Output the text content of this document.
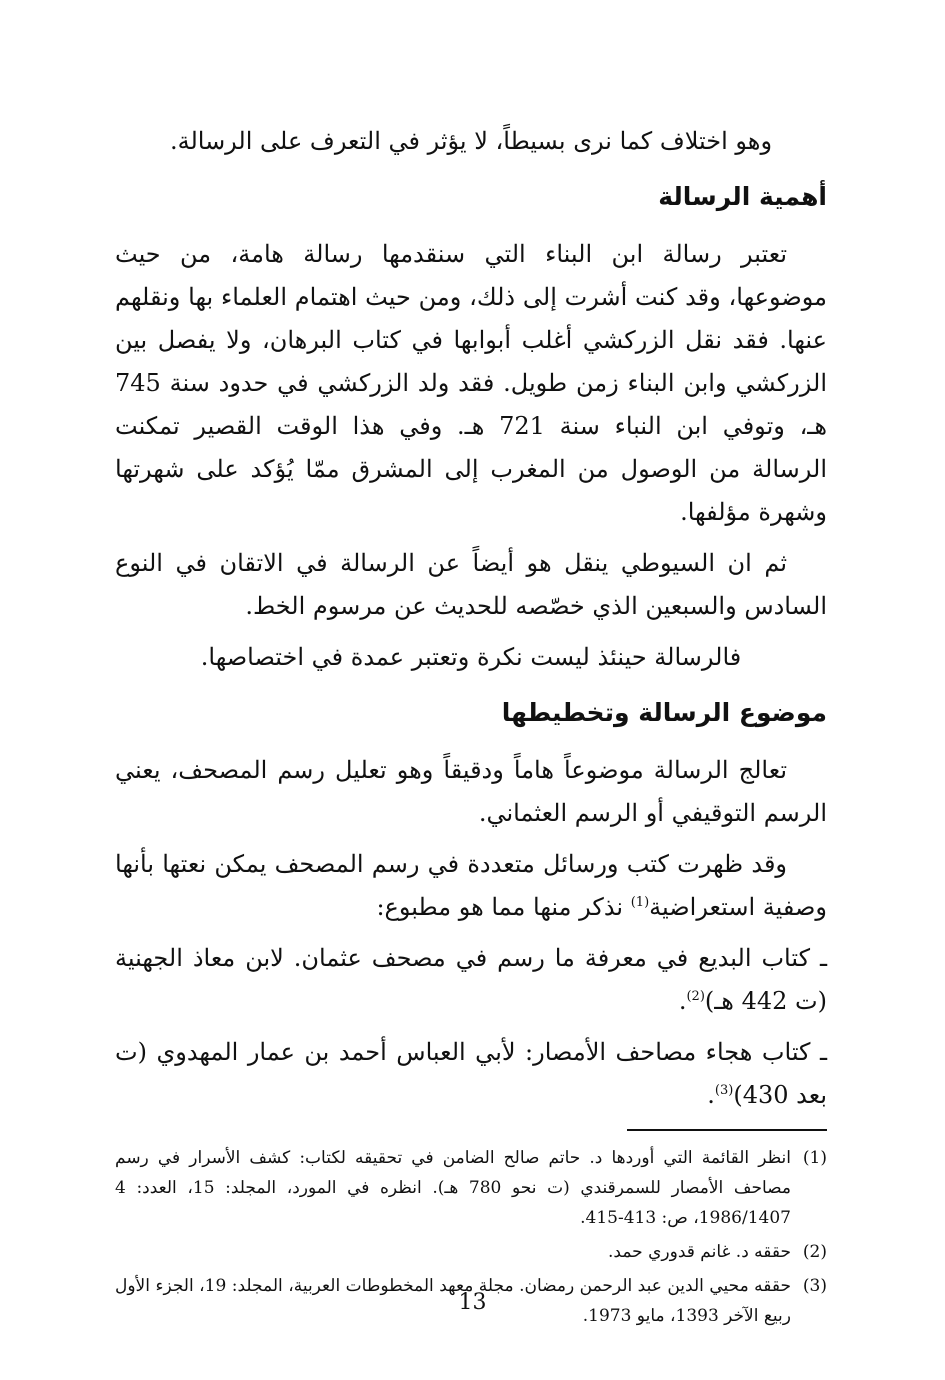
وهو اختلاف كما نرى بسيطاً، لا يؤثر في التعرف على الرسالة.

أهمية الرسالة

تعتبر رسالة ابن البناء التي سنقدمها رسالة هامة، من حيث موضوعها، وقد كنت أشرت إلى ذلك، ومن حيث اهتمام العلماء بها ونقلهم عنها. فقد نقل الزركشي أغلب أبوابها في كتاب البرهان، ولا يفصل بين الزركشي وابن البناء زمن طويل. فقد ولد الزركشي في حدود سنة 745 هـ، وتوفي ابن النباء سنة 721 هـ. وفي هذا الوقت القصير تمكنت الرسالة من الوصول من المغرب إلى المشرق ممّا يُؤكد على شهرتها وشهرة مؤلفها.

ثم ان السيوطي ينقل هو أيضاً عن الرسالة في الاتقان في النوع السادس والسبعين الذي خصّصه للحديث عن مرسوم الخط.

فالرسالة حينئذ ليست نكرة وتعتبر عمدة في اختصاصها.

موضوع الرسالة وتخطيطها

تعالج الرسالة موضوعاً هاماً ودقيقاً وهو تعليل رسم المصحف، يعني الرسم التوقيفي أو الرسم العثماني.

وقد ظهرت كتب ورسائل متعددة في رسم المصحف يمكن نعتها بأنها وصفية استعراضية$^{(1)}$ نذكر منها مما هو مطبوع:

ـ كتاب البديع في معرفة ما رسم في مصحف عثمان. لابن معاذ الجهنية (ت 442 هـ)$^{(2)}$.

ـ كتاب هجاء مصاحف الأمصار: لأبي العباس أحمد بن عمار المهدوي (ت بعد 430)$^{(3)}$.

(1)انظر القائمة التي أوردها د. حاتم صالح الضامن في تحقيقه لكتاب: كشف الأسرار في رسم مصاحف الأمصار للسمرقندي (ت نحو 780 هـ). انظره في المورد، المجلد: 15، العدد: 4 1986/1407، ص: 413-415.

(2)حققه د. غانم قدوري حمد.

(3)حققه محيي الدين عبد الرحمن رمضان. مجلة معهد المخطوطات العربية، المجلد: 19، الجزء الأول ربيع الآخر 1393، مايو 1973.

13
